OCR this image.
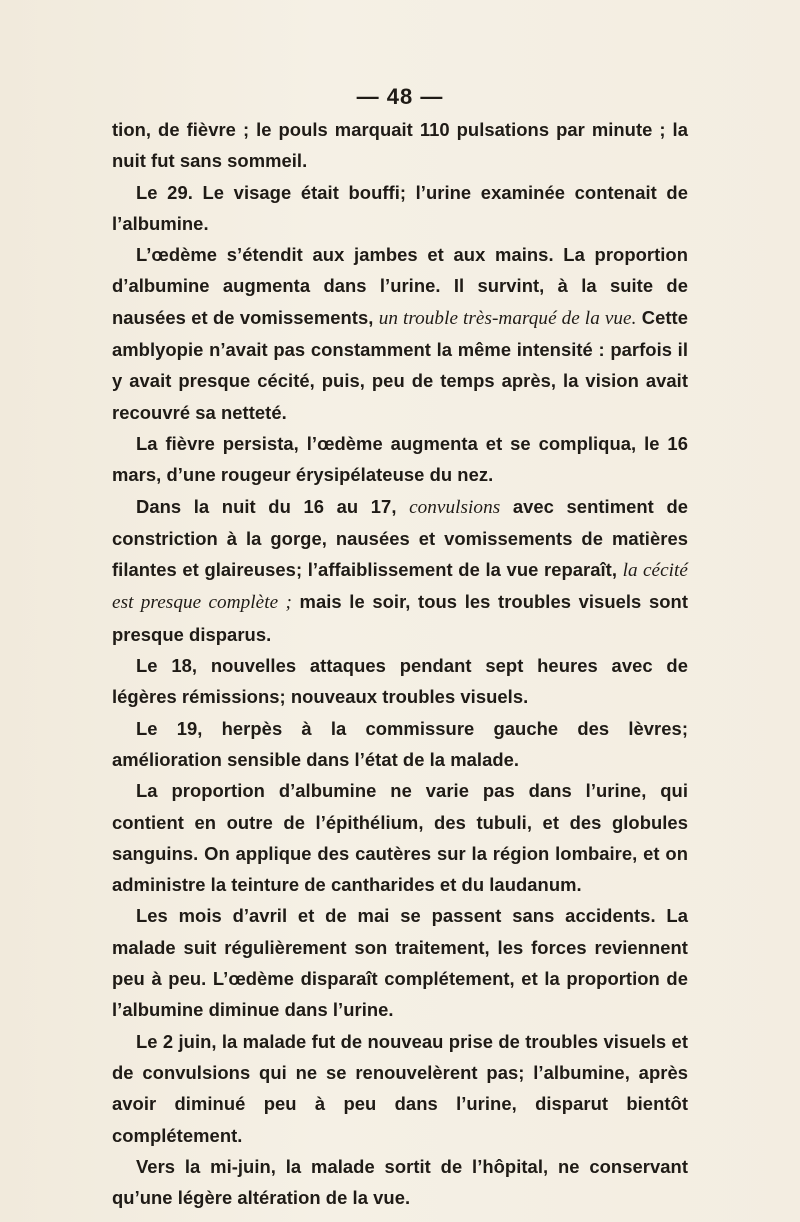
— 48 —

tion, de fièvre ; le pouls marquait 110 pulsations par minute ; la nuit fut sans sommeil.

Le 29. Le visage était bouffi; l’urine examinée contenait de l’albumine.

L’œdème s’étendit aux jambes et aux mains. La proportion d’albumine augmenta dans l’urine. Il survint, à la suite de nausées et de vomissements, un trouble très-marqué de la vue. Cette amblyopie n’avait pas constamment la même intensité : parfois il y avait presque cécité, puis, peu de temps après, la vision avait recouvré sa netteté.

La fièvre persista, l’œdème augmenta et se compliqua, le 16 mars, d’une rougeur érysipélateuse du nez.

Dans la nuit du 16 au 17, convulsions avec sentiment de constriction à la gorge, nausées et vomissements de matières filantes et glaireuses; l’affaiblissement de la vue reparaît, la cécité est presque complète ; mais le soir, tous les troubles visuels sont presque disparus.

Le 18, nouvelles attaques pendant sept heures avec de légères rémissions; nouveaux troubles visuels.

Le 19, herpès à la commissure gauche des lèvres; amélioration sensible dans l’état de la malade.

La proportion d’albumine ne varie pas dans l’urine, qui contient en outre de l’épithélium, des tubuli, et des globules sanguins. On applique des cautères sur la région lombaire, et on administre la teinture de cantharides et du laudanum.

Les mois d’avril et de mai se passent sans accidents. La malade suit régulièrement son traitement, les forces reviennent peu à peu. L’œdème disparaît complétement, et la proportion de l’albumine diminue dans l’urine.

Le 2 juin, la malade fut de nouveau prise de troubles visuels et de convulsions qui ne se renouvelèrent pas; l’albumine, après avoir diminué peu à peu dans l’urine, disparut bientôt complétement.

Vers la mi-juin, la malade sortit de l’hôpital, ne conservant qu’une légère altération de la vue.
